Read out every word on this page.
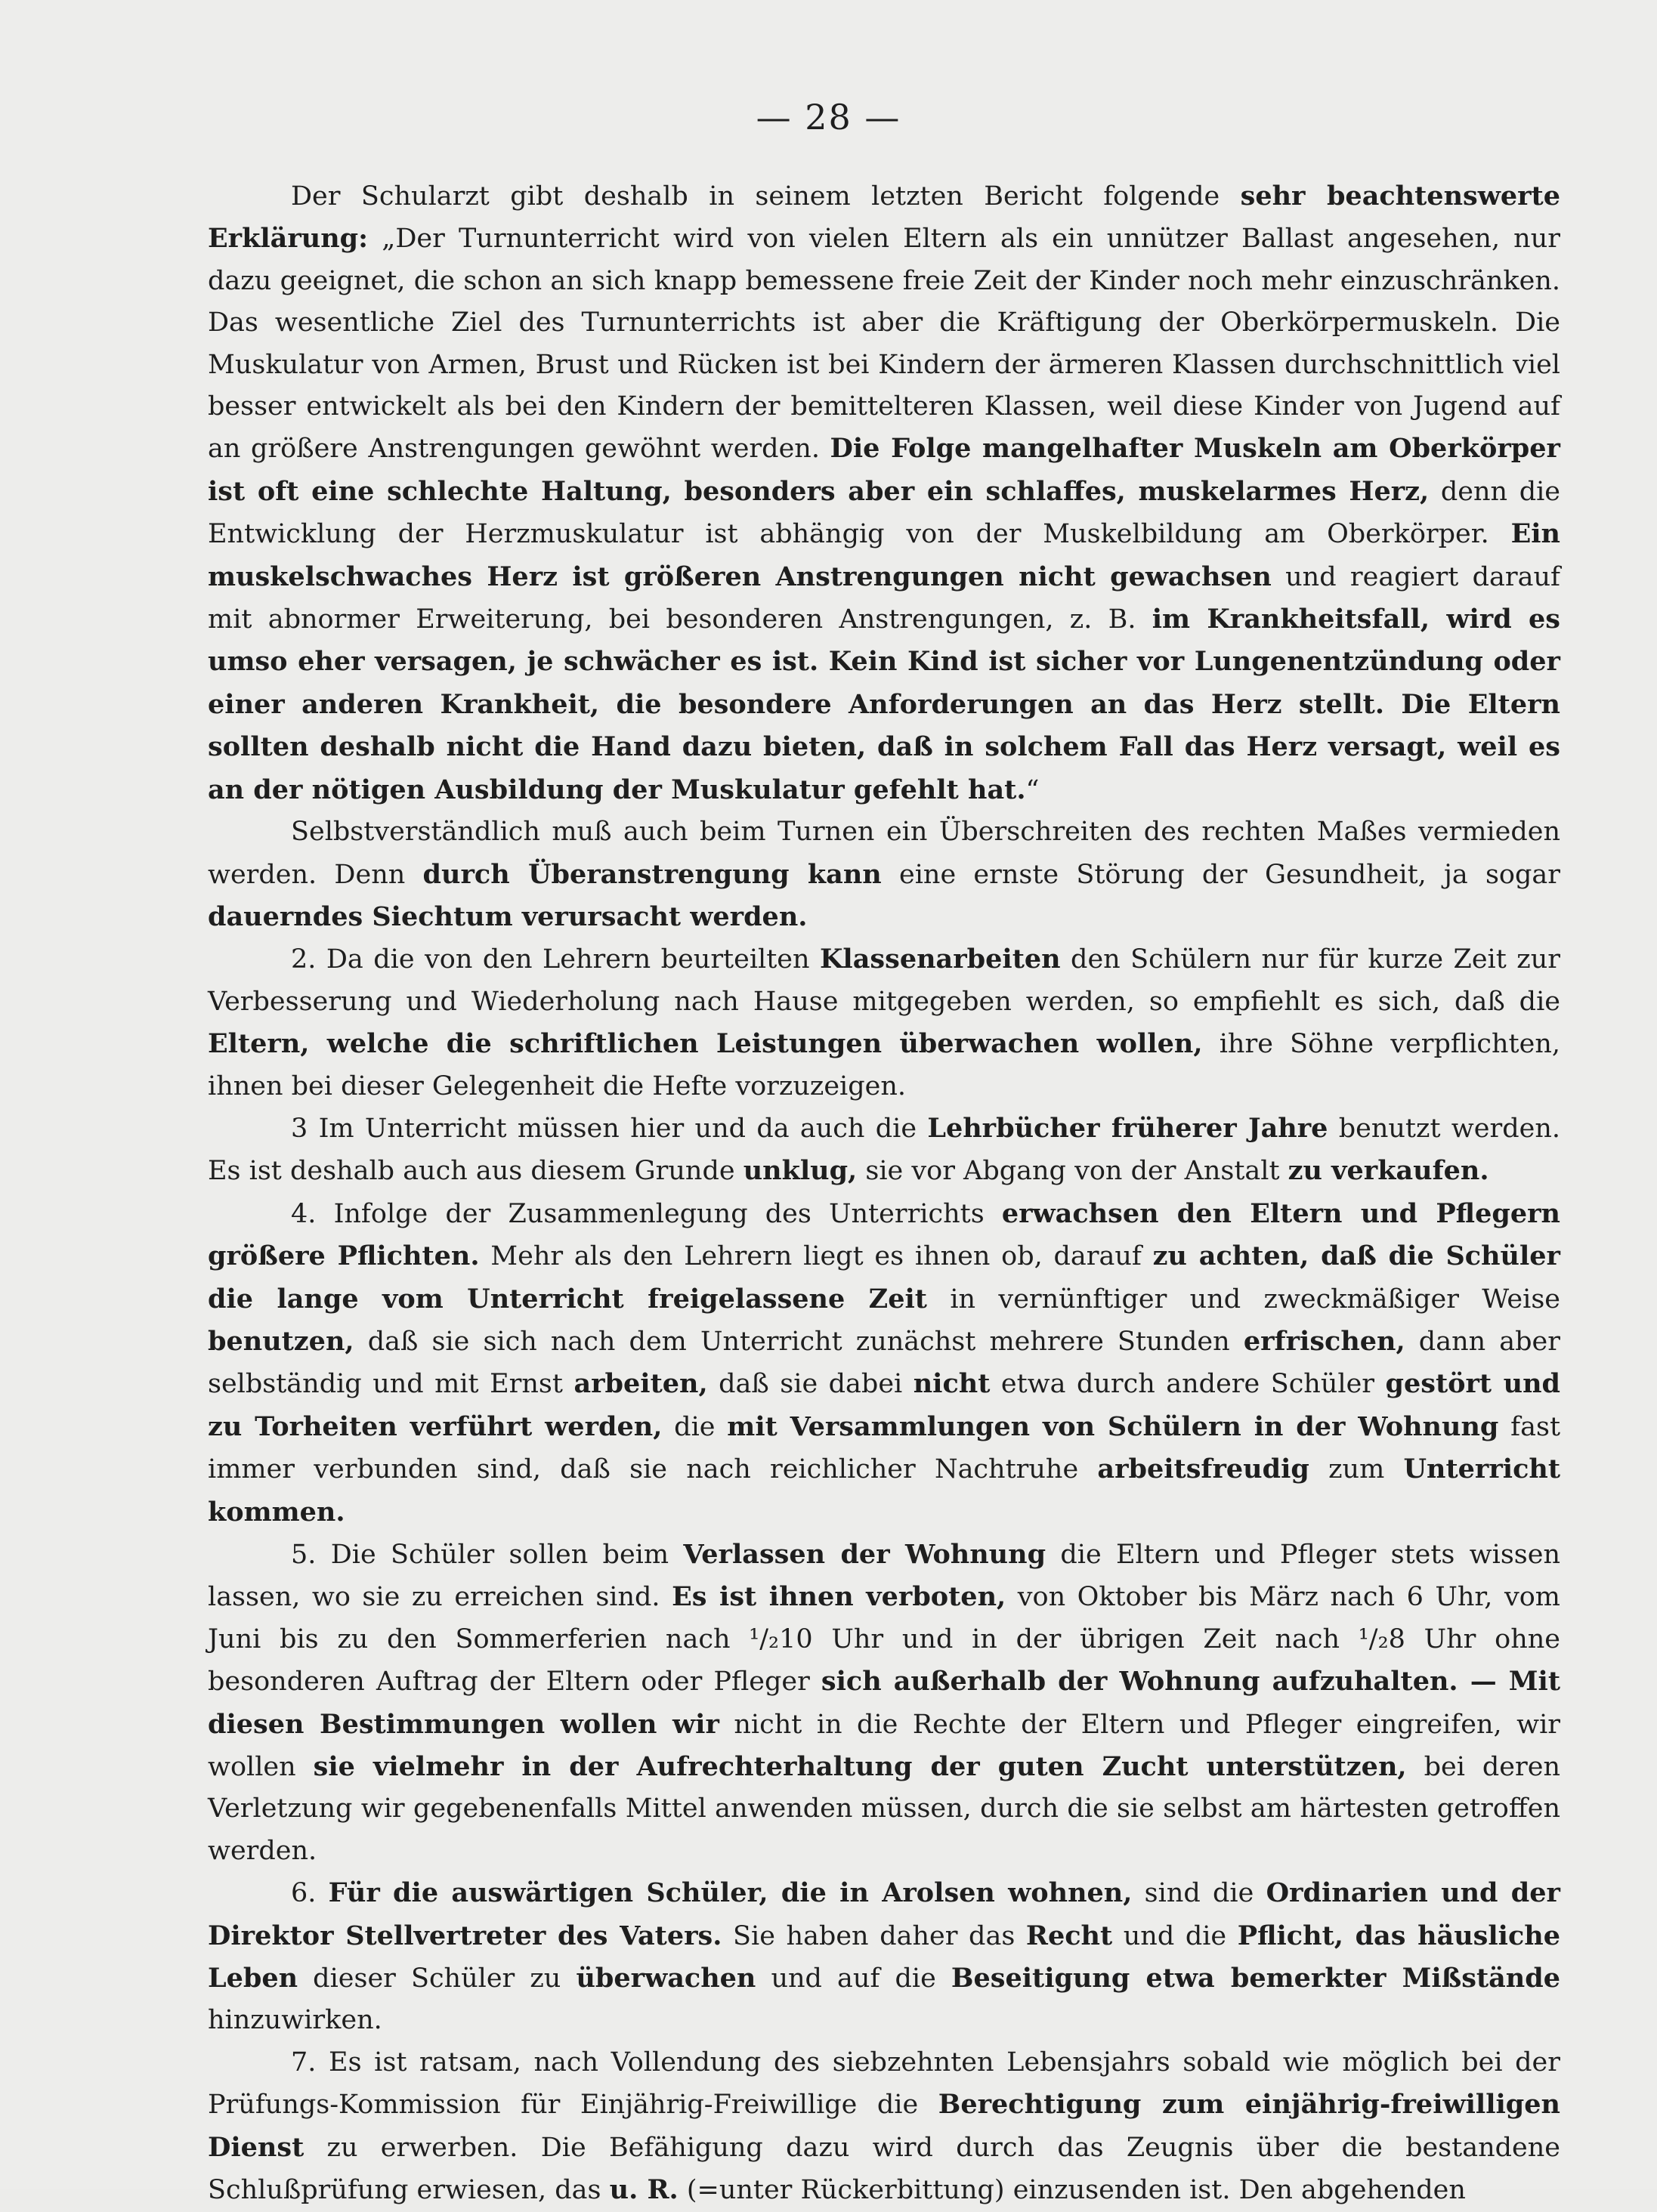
— 28 —

Der Schularzt gibt deshalb in seinem letzten Bericht folgende sehr beachtenswerte Erklärung: „Der Turnunterricht wird von vielen Eltern als ein unnützer Ballast angesehen, nur dazu geeignet, die schon an sich knapp bemessene freie Zeit der Kinder noch mehr einzuschränken. Das wesentliche Ziel des Turnunterrichts ist aber die Kräftigung der Oberkörpermuskeln. Die Muskulatur von Armen, Brust und Rücken ist bei Kindern der ärmeren Klassen durchschnittlich viel besser entwickelt als bei den Kindern der bemittelteren Klassen, weil diese Kinder von Jugend auf an größere Anstrengungen gewöhnt werden. Die Folge mangelhafter Muskeln am Oberkörper ist oft eine schlechte Haltung, besonders aber ein schlaffes, muskelarmes Herz, denn die Entwicklung der Herzmuskulatur ist abhängig von der Muskelbildung am Oberkörper. Ein muskelschwaches Herz ist größeren Anstrengungen nicht gewachsen und reagiert darauf mit abnormer Erweiterung, bei besonderen Anstrengungen, z. B. im Krankheitsfall, wird es umso eher versagen, je schwächer es ist. Kein Kind ist sicher vor Lungenentzündung oder einer anderen Krankheit, die besondere Anforderungen an das Herz stellt. Die Eltern sollten deshalb nicht die Hand dazu bieten, daß in solchem Fall das Herz versagt, weil es an der nötigen Ausbildung der Muskulatur gefehlt hat.“

Selbstverständlich muß auch beim Turnen ein Überschreiten des rechten Maßes vermieden werden. Denn durch Überanstrengung kann eine ernste Störung der Gesundheit, ja sogar dauerndes Siechtum verursacht werden.

2. Da die von den Lehrern beurteilten Klassenarbeiten den Schülern nur für kurze Zeit zur Verbesserung und Wiederholung nach Hause mitgegeben werden, so empfiehlt es sich, daß die Eltern, welche die schriftlichen Leistungen überwachen wollen, ihre Söhne verpflichten, ihnen bei dieser Gelegenheit die Hefte vorzuzeigen.

3 Im Unterricht müssen hier und da auch die Lehrbücher früherer Jahre benutzt werden. Es ist deshalb auch aus diesem Grunde unklug, sie vor Abgang von der Anstalt zu verkaufen.

4. Infolge der Zusammenlegung des Unterrichts erwachsen den Eltern und Pflegern größere Pflichten. Mehr als den Lehrern liegt es ihnen ob, darauf zu achten, daß die Schüler die lange vom Unterricht freigelassene Zeit in vernünftiger und zweckmäßiger Weise benutzen, daß sie sich nach dem Unterricht zunächst mehrere Stunden erfrischen, dann aber selbständig und mit Ernst arbeiten, daß sie dabei nicht etwa durch andere Schüler gestört und zu Torheiten verführt werden, die mit Versammlungen von Schülern in der Wohnung fast immer verbunden sind, daß sie nach reichlicher Nachtruhe arbeitsfreudig zum Unterricht kommen.

5. Die Schüler sollen beim Verlassen der Wohnung die Eltern und Pfleger stets wissen lassen, wo sie zu erreichen sind. Es ist ihnen verboten, von Oktober bis März nach 6 Uhr, vom Juni bis zu den Sommerferien nach ¹/₂10 Uhr und in der übrigen Zeit nach ¹/₂8 Uhr ohne besonderen Auftrag der Eltern oder Pfleger sich außerhalb der Wohnung aufzuhalten. — Mit diesen Bestimmungen wollen wir nicht in die Rechte der Eltern und Pfleger eingreifen, wir wollen sie vielmehr in der Aufrechterhaltung der guten Zucht unterstützen, bei deren Verletzung wir gegebenenfalls Mittel anwenden müssen, durch die sie selbst am härtesten getroffen werden.

6. Für die auswärtigen Schüler, die in Arolsen wohnen, sind die Ordinarien und der Direktor Stellvertreter des Vaters. Sie haben daher das Recht und die Pflicht, das häusliche Leben dieser Schüler zu überwachen und auf die Beseitigung etwa bemerkter Mißstände hinzuwirken.

7. Es ist ratsam, nach Vollendung des siebzehnten Lebensjahrs sobald wie möglich bei der Prüfungs-Kommission für Einjährig-Freiwillige die Berechtigung zum einjährig-freiwilligen Dienst zu erwerben. Die Befähigung dazu wird durch das Zeugnis über die bestandene Schlußprüfung erwiesen, das u. R. (=unter Rückerbittung) einzusenden ist. Den abgehenden
